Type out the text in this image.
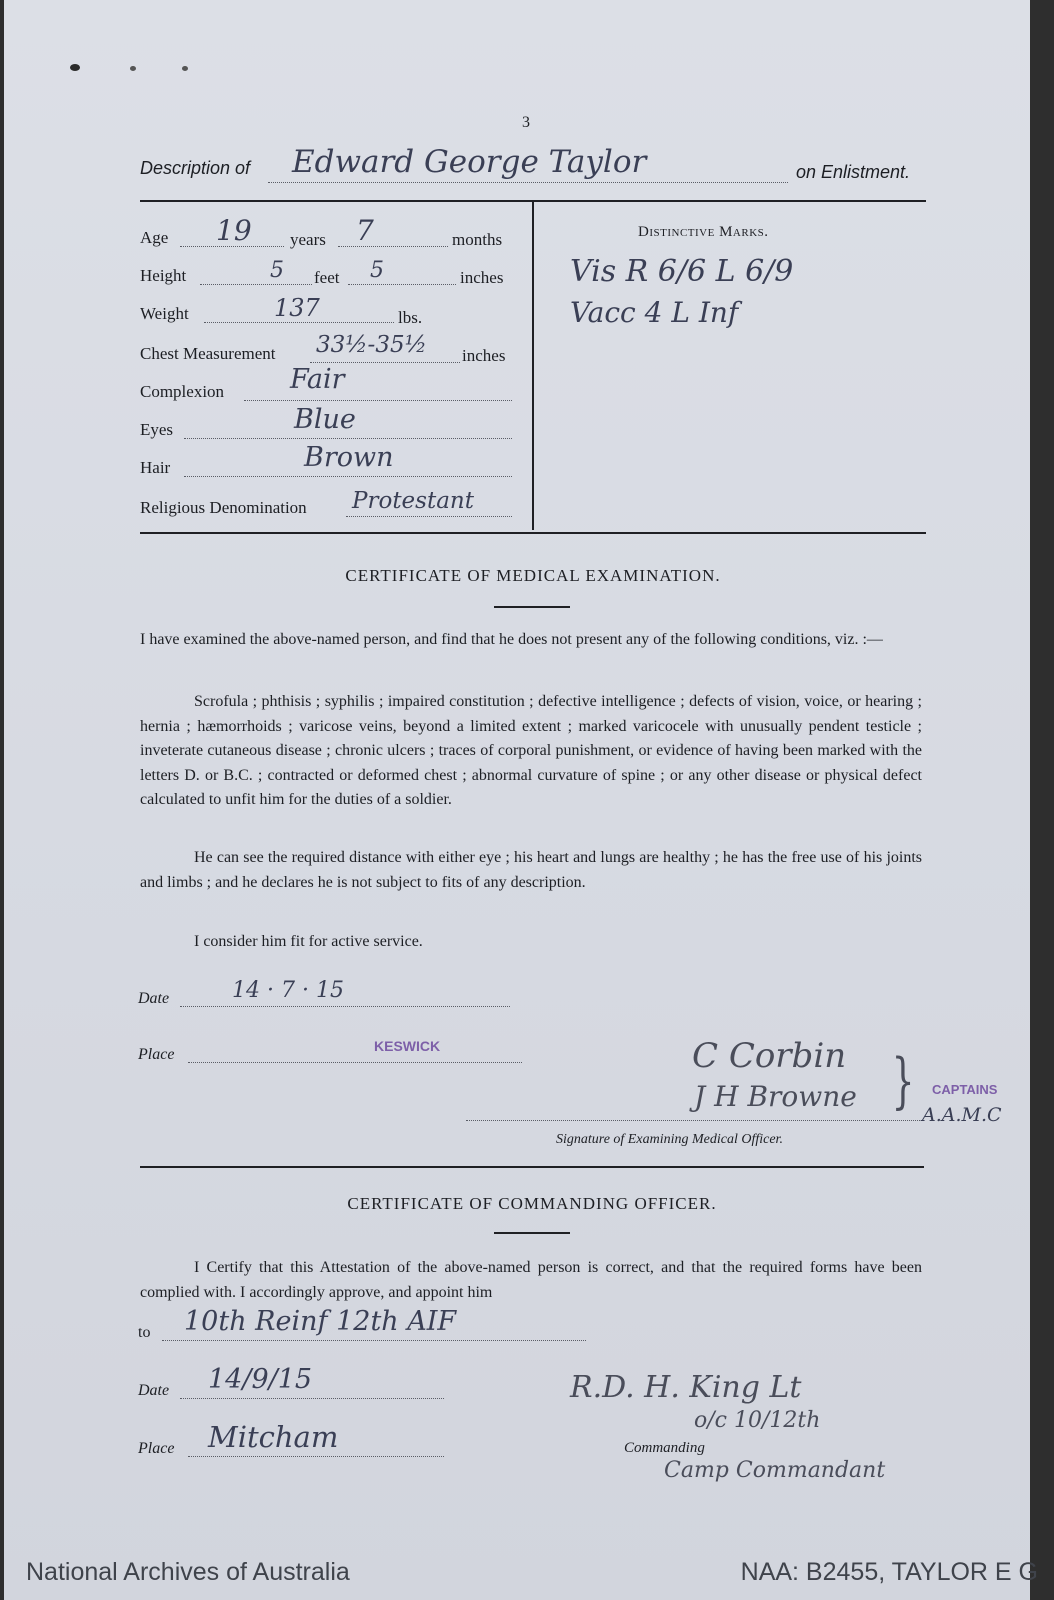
3
Description of Edward George Taylor	on Enlistment.
Age 19 years 7	months
Height	5 feet 5	inches
Weight	137	lbs.
Chest Measurement 33½-35½ inches
Complexion Fair
Eyes	Blue
Hair	Brown
Religious Denomination Protestant
Distinctive Marks.
Vis R 6/6 L 6/9
Vacc 4 L Inf
CERTIFICATE OF MEDICAL EXAMINATION.
I have examined the above-named person, and find that he does not present any of the following conditions, viz. :—
Scrofula ; phthisis ; syphilis ; impaired constitution ; defective intelligence ; defects of vision, voice, or hearing ; hernia ; hæmorrhoids ; varicose veins, beyond a limited extent ; marked varicocele with unusually pendent testicle ; inveterate cutaneous disease ; chronic ulcers ; traces of corporal punishment, or evidence of having been marked with the letters D. or B.C. ; contracted or deformed chest ; abnormal curvature of spine ; or any other disease or physical defect calculated to unfit him for the duties of a soldier.
He can see the required distance with either eye ; his heart and lungs are healthy ; he has the free use of his joints and limbs ; and he declares he is not subject to fits of any description.
I consider him fit for active service.
Date	14 · 7 · 15
Place	KESWICK	C Corbin
J H Browne } CAPTAINS
A.A.M.C
Signature of Examining Medical Officer.
CERTIFICATE OF COMMANDING OFFICER.
I Certify that this Attestation of the above-named person is correct, and that the required forms have been complied with. I accordingly approve, and appoint him
to 10th Reinf 12th AIF
Date 14/9/15
Place Mitcham
R.D. H. King Lt
o/c 10/12th
Commanding
Camp Commandant
National Archives of Australia	NAA: B2455, TAYLOR E G
